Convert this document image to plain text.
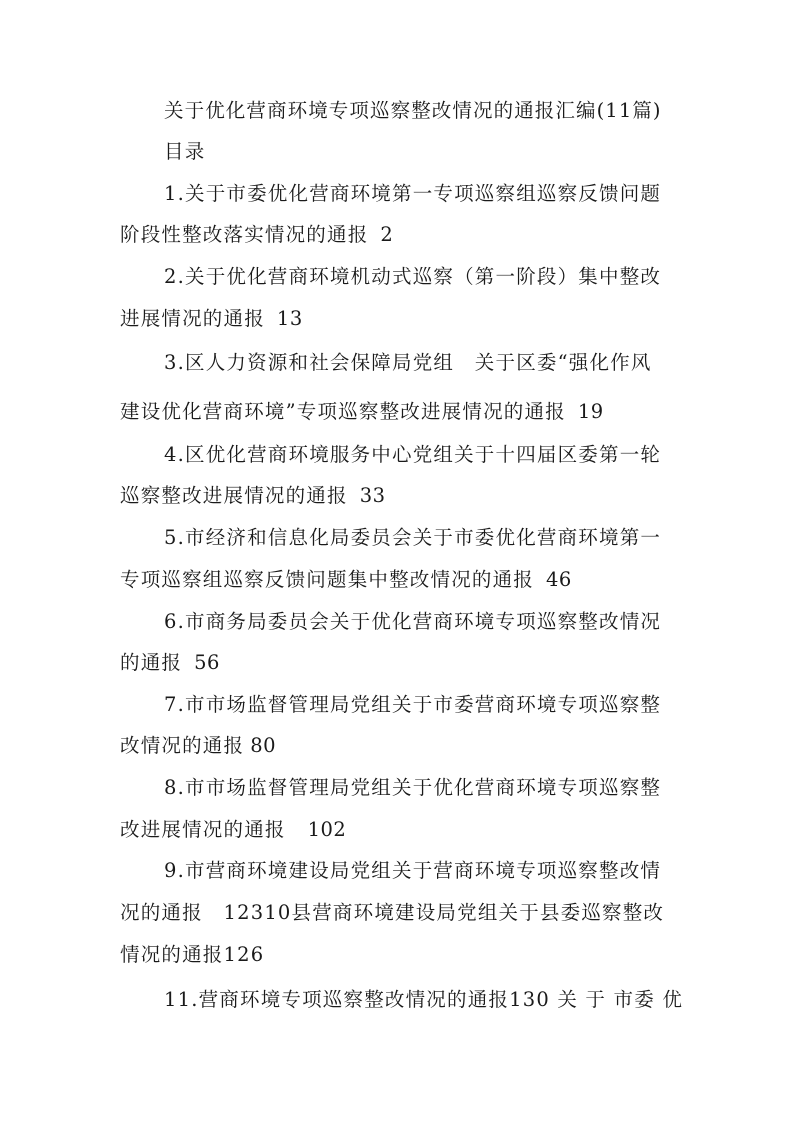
关于优化营商环境专项巡察整改情况的通报汇编(11篇)
目录
1.关于市委优化营商环境第一专项巡察组巡察反馈问题
阶段性整改落实情况的通报 2
2.关于优化营商环境机动式巡察（第一阶段）集中整改
进展情况的通报 13
3.区人力资源和社会保障局党组　关于区委“强化作风
建设优化营商环境”专项巡察整改进展情况的通报 19
4.区优化营商环境服务中心党组关于十四届区委第一轮
巡察整改进展情况的通报 33
5.市经济和信息化局委员会关于市委优化营商环境第一
专项巡察组巡察反馈问题集中整改情况的通报 46
6.市商务局委员会关于优化营商环境专项巡察整改情况
的通报 56
7.市市场监督管理局党组关于市委营商环境专项巡察整
改情况的通报 80
8.市市场监督管理局党组关于优化营商环境专项巡察整
改进展情况的通报 102
9.市营商环境建设局党组关于营商环境专项巡察整改情
况的通报　12310县营商环境建设局党组关于县委巡察整改
情况的通报126
11.营商环境专项巡察整改情况的通报130 关 于 市委 优
